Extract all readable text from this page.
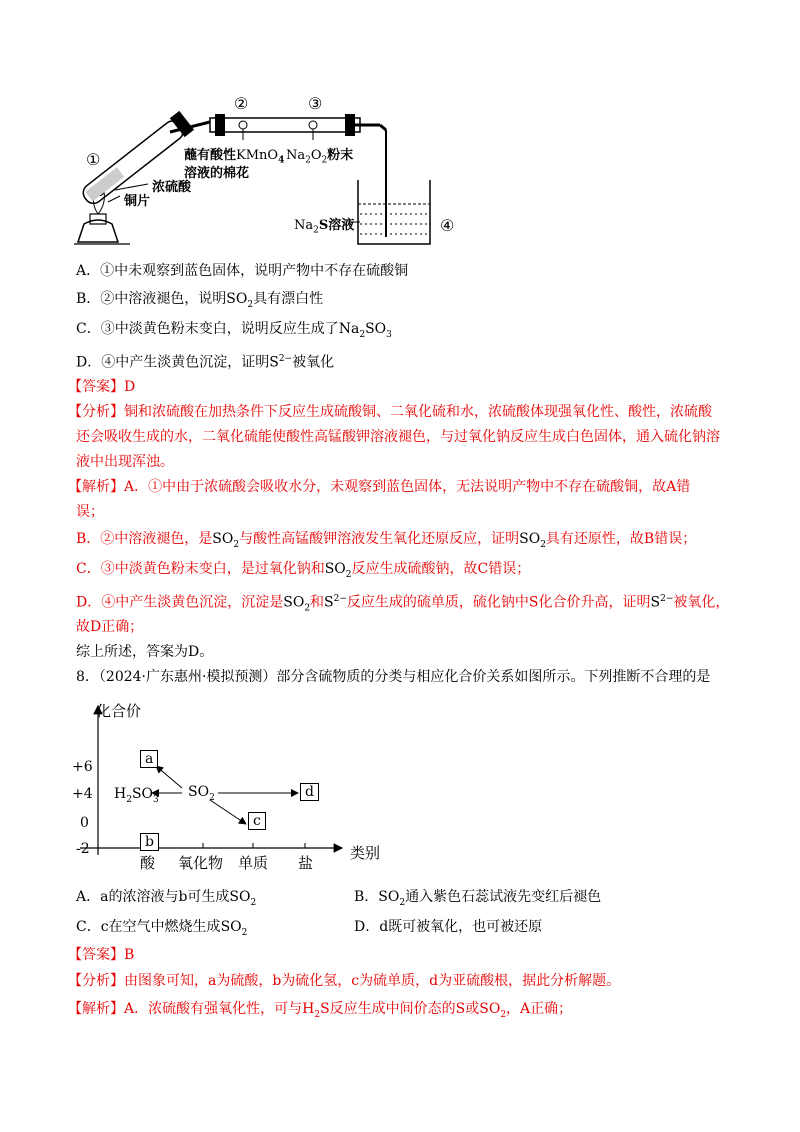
①
②	③
④
蘸有酸性KMnO$_4$
溶液的棉花
$Na_2O_2$粉末
浓硫酸
铜片
$Na_2S$溶液
A．①中未观察到蓝色固体，说明产物中不存在硫酸铜
B．②中溶液褪色，说明$SO_2$具有漂白性
C．③中淡黄色粉末变白，说明反应生成了$Na_2SO_3$
D．④中产生淡黄色沉淀，证明$S^{2-}$被氧化
【答案】D
【分析】铜和浓硫酸在加热条件下反应生成硫酸铜、二氧化硫和水，浓硫酸体现强氧化性、酸性，浓硫酸
还会吸收生成的水，二氧化硫能使酸性高锰酸钾溶液褪色，与过氧化钠反应生成白色固体，通入硫化钠溶
液中出现浑浊。
【解析】A．①中由于浓硫酸会吸收水分，未观察到蓝色固体，无法说明产物中不存在硫酸铜，故A错
误；
B．②中溶液褪色，是$SO_2$与酸性高锰酸钾溶液发生氧化还原反应，证明$SO_2$具有还原性，故B错误；
C．③中淡黄色粉末变白，是过氧化钠和$SO_2$反应生成硫酸钠，故C错误；
D．④中产生淡黄色沉淀，沉淀是$SO_2$和$S^{2-}$反应生成的硫单质，硫化钠中S化合价升高，证明$S^{2-}$被氧化，
故D正确；
综上所述，答案为D。
8．（2024·广东惠州·模拟预测）部分含硫物质的分类与相应化合价关系如图所示。下列推断不合理的是
化合价
+6
+4
0
-2
酸 氧化物 单质 盐
类别
a
b
c
d
$H_2SO_3$ $SO_2$
A．a的浓溶液与b可生成$SO_2$	B．$SO_2$通入紫色石蕊试液先变红后褪色
C．c在空气中燃烧生成$SO_2$	D．d既可被氧化，也可被还原
【答案】B
【分析】由图象可知，a为硫酸，b为硫化氢，c为硫单质，d为亚硫酸根，据此分析解题。
【解析】A．浓硫酸有强氧化性，可与$H_2S$反应生成中间价态的S或$SO_2$，A正确；
